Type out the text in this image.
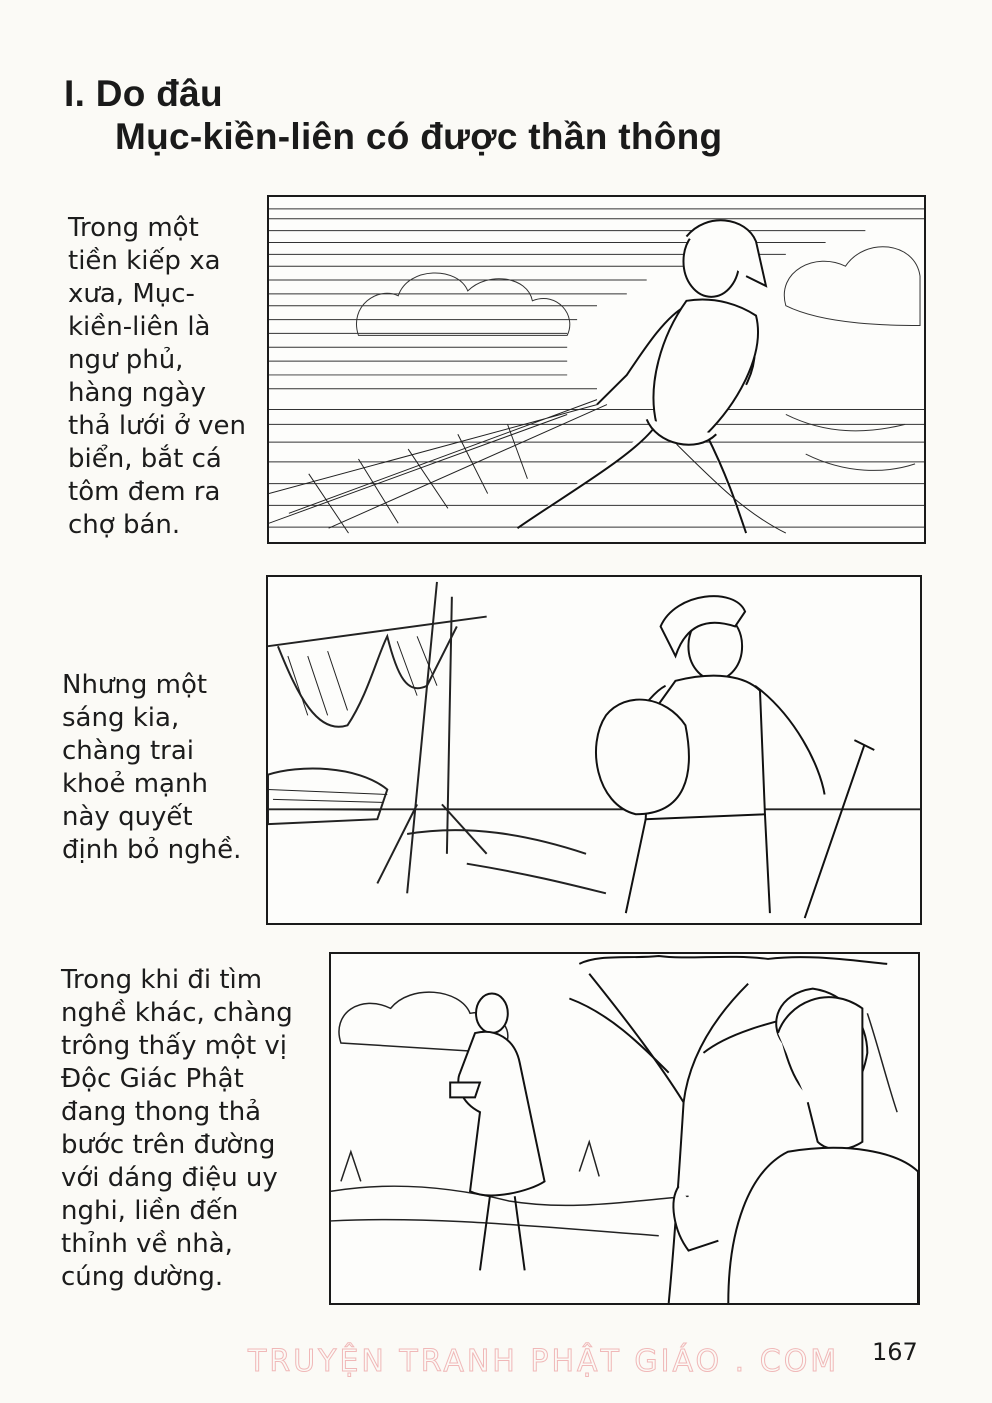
I. Do đâu
Mục-kiền-liên có được thần thông
Trong một
tiền kiếp xa
xưa, Mục-
kiền-liên là
ngư phủ,
hàng ngày
thả lưới ở ven
biển, bắt cá
tôm đem ra
chợ bán.
Nhưng một
sáng kia,
chàng trai
khoẻ mạnh
này quyết
định bỏ nghề.
Trong khi đi tìm
nghề khác, chàng
trông thấy một vị
Độc Giác Phật
đang thong thả
bước trên đường
với dáng điệu uy
nghi, liền đến
thỉnh về nhà,
cúng dường.
TRUYỆN TRANH PHẬT GIÁO . COM 167
